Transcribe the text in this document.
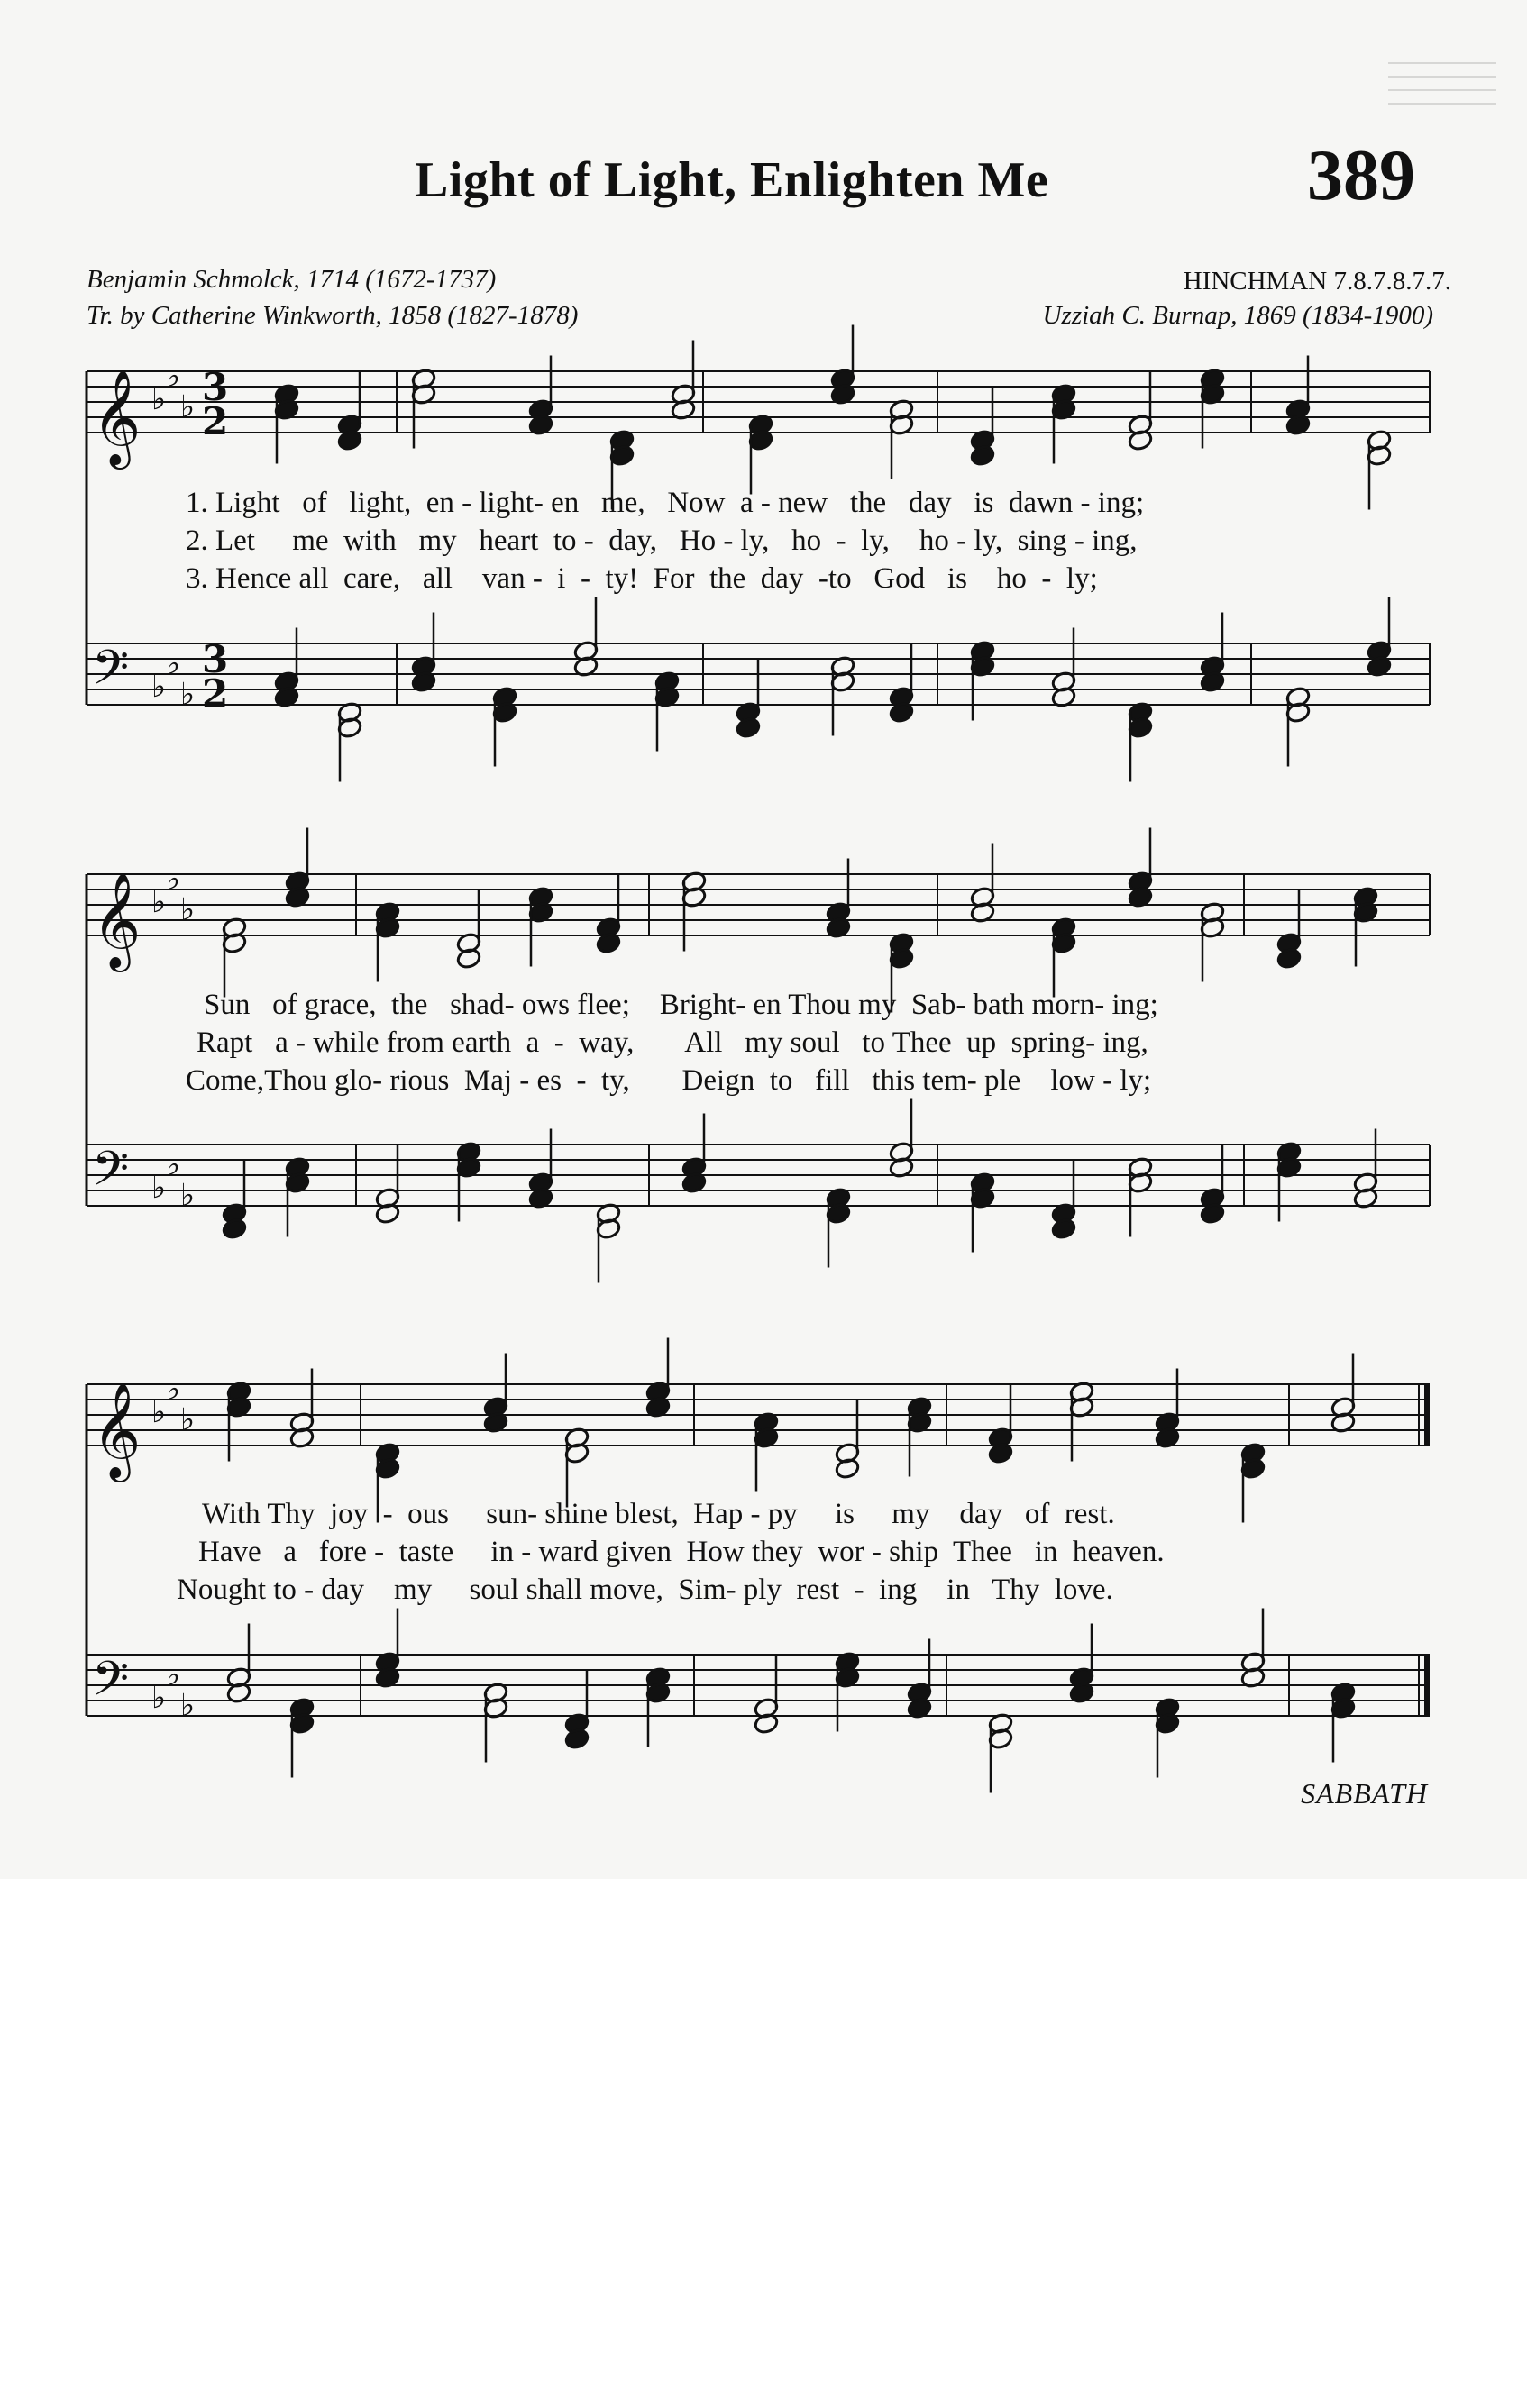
Light of Light, Enlighten Me	389
Benjamin Schmolck, 1714 (1672-1737)
Tr. by Catherine Winkworth, 1858 (1827-1878)
HINCHMAN 7.8.7.8.7.7.
Uzziah C. Burnap, 1869 (1834-1900)
𝄞 ♭
♭
♭ 3
2
𝄢 ♭
♭
♭
3
2
𝄞 ♭
♭
♭
𝄢 ♭
♭
♭
𝄞 ♭
♭
♭
𝄢 ♭
♭
♭
1. Light   of   light,  en - light- en   me,   Now  a - new   the   day   is  dawn - ing;
2. Let     me  with   my   heart  to -  day,   Ho - ly,   ho  -  ly,    ho - ly,  sing - ing,
3. Hence all  care,   all    van -  i  -  ty!  For  the  day  -to   God   is    ho  -  ly;
Sun   of grace,  the   shad- ows flee;    Bright- en Thou my  Sab- bath morn- ing;
Rapt   a - while from earth  a  -  way,       All   my soul   to Thee  up  spring- ing,
Come,Thou glo- rious  Maj - es  -  ty,       Deign  to   fill   this tem- ple    low - ly;
With Thy  joy  -  ous     sun- shine blest,  Hap - py     is     my    day   of  rest.
Have   a   fore -  taste     in - ward given  How they  wor - ship  Thee   in  heaven.
Nought to - day    my     soul shall move,  Sim- ply  rest  -  ing    in   Thy  love.
SABBATH
